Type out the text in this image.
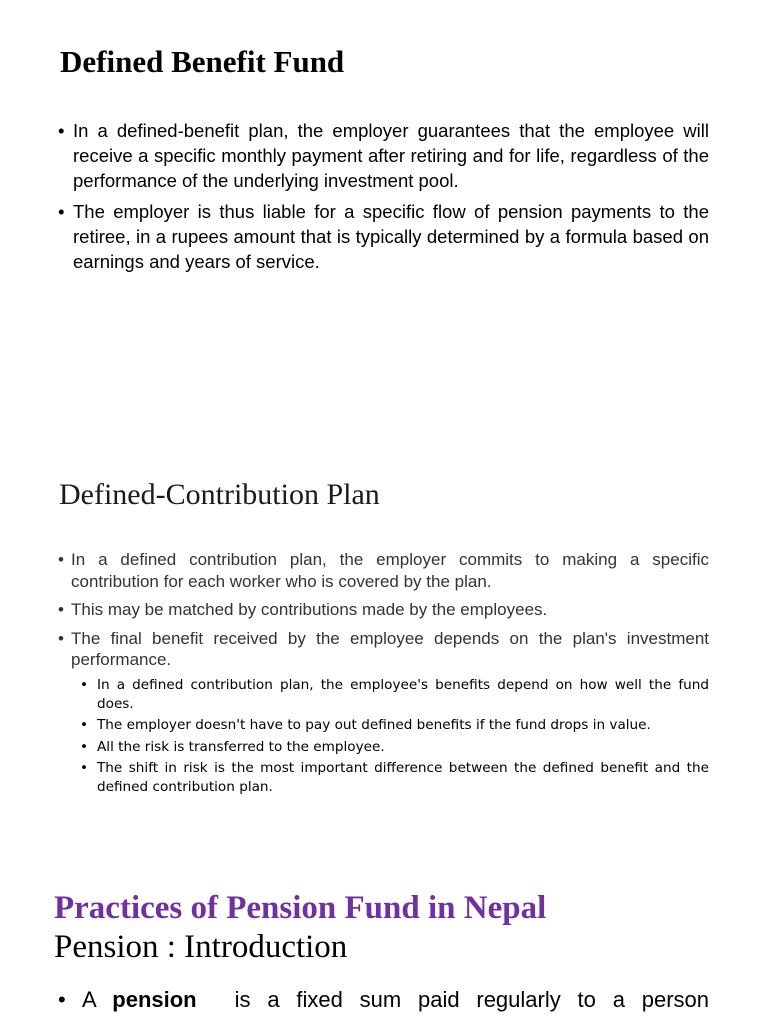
Defined Benefit Fund
• In a defined-benefit plan, the employer guarantees that the employee will receive a specific monthly payment after retiring and for life, regardless of the performance of the underlying investment pool.
• The employer is thus liable for a specific flow of pension payments to the retiree, in a rupees amount that is typically determined by a formula based on earnings and years of service.
Defined-Contribution Plan
• In a defined contribution plan, the employer commits to making a specific contribution for each worker who is covered by the plan.
• This may be matched by contributions made by the employees.
• The final benefit received by the employee depends on the plan's investment performance.
• In a defined contribution plan, the employee's benefits depend on how well the fund does.
• The employer doesn't have to pay out defined benefits if the fund drops in value.
• All the risk is transferred to the employee.
• The shift in risk is the most important difference between the defined benefit and the defined contribution plan.
Practices of Pension Fund in Nepal
Pension : Introduction
• A pension is a fixed sum paid regularly to a person
